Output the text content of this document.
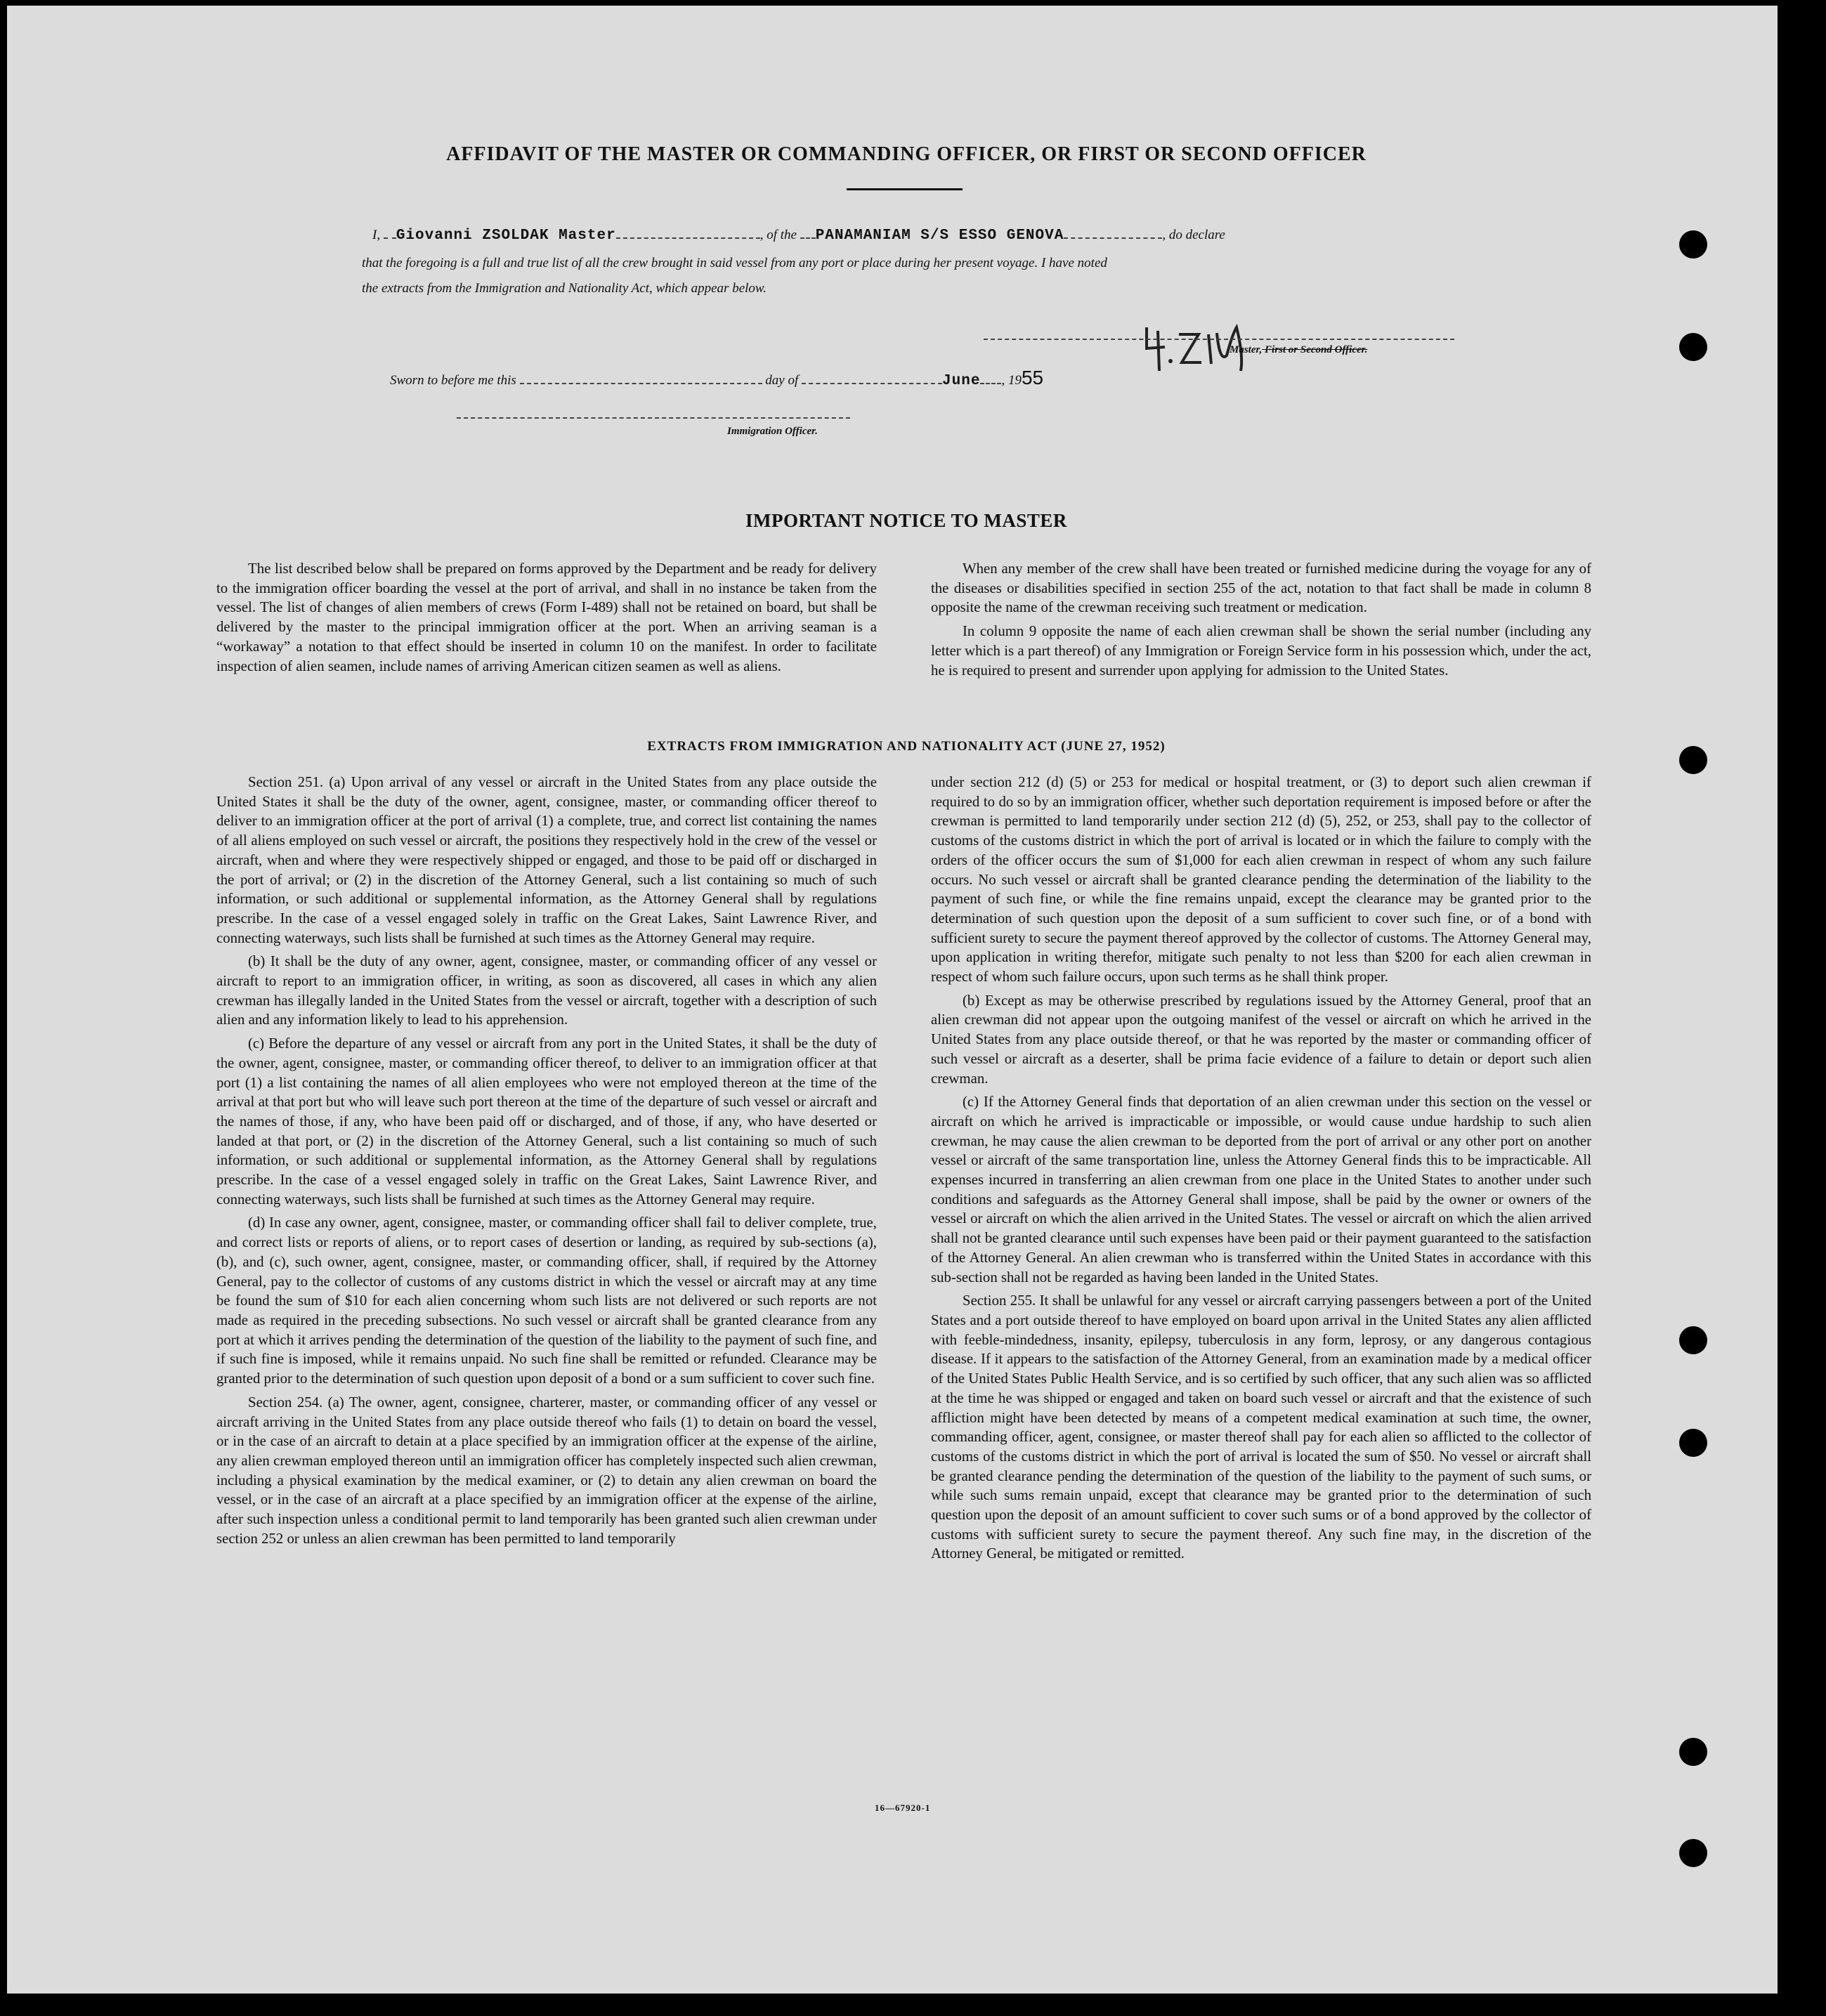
AFFIDAVIT OF THE MASTER OR COMMANDING OFFICER, OR FIRST OR SECOND OFFICER
I, Giovanni ZSOLDAK Master	, of the PANAMANIAM S/S ESSO GENOVA	, do declare
that the foregoing is a full and true list of all the crew brought in said vessel from any port or place during her present voyage. I have noted
the extracts from the Immigration and Nationality Act, which appear below.
Master, First or Second Officer.
Sworn to before me this	day of	June , 1955
Immigration Officer.
IMPORTANT NOTICE TO MASTER

The list described below shall be prepared on forms approved by the Department and be ready for delivery to the immigration officer boarding the vessel at the port of arrival, and shall in no instance be taken from the vessel. The list of changes of alien members of crews (Form I-489) shall not be retained on board, but shall be delivered by the master to the principal immigration officer at the port. When an arriving seaman is a “workaway” a notation to that effect should be inserted in column 10 on the manifest. In order to facilitate inspection of alien seamen, include names of arriving American citizen seamen as well as aliens.

When any member of the crew shall have been treated or furnished medicine during the voyage for any of the diseases or disabilities specified in section 255 of the act, notation to that fact shall be made in column 8 opposite the name of the crewman receiving such treatment or medication.

In column 9 opposite the name of each alien crewman shall be shown the serial number (including any letter which is a part thereof) of any Immigration or Foreign Service form in his possession which, under the act, he is required to present and surrender upon applying for admission to the United States.

EXTRACTS FROM IMMIGRATION AND NATIONALITY ACT (JUNE 27, 1952)

Section 251. (a) Upon arrival of any vessel or aircraft in the United States from any place outside the United States it shall be the duty of the owner, agent, consignee, master, or commanding officer thereof to deliver to an immigration officer at the port of arrival (1) a complete, true, and correct list containing the names of all aliens employed on such vessel or aircraft, the positions they respectively hold in the crew of the vessel or aircraft, when and where they were respectively shipped or engaged, and those to be paid off or discharged in the port of arrival; or (2) in the discretion of the Attorney General, such a list containing so much of such information, or such additional or supplemental information, as the Attorney General shall by regulations prescribe. In the case of a vessel engaged solely in traffic on the Great Lakes, Saint Lawrence River, and connecting waterways, such lists shall be furnished at such times as the Attorney General may require.

(b) It shall be the duty of any owner, agent, consignee, master, or commanding officer of any vessel or aircraft to report to an immigration officer, in writing, as soon as discovered, all cases in which any alien crewman has illegally landed in the United States from the vessel or aircraft, together with a description of such alien and any information likely to lead to his apprehension.

(c) Before the departure of any vessel or aircraft from any port in the United States, it shall be the duty of the owner, agent, consignee, master, or commanding officer thereof, to deliver to an immigration officer at that port (1) a list containing the names of all alien employees who were not employed thereon at the time of the arrival at that port but who will leave such port thereon at the time of the departure of such vessel or aircraft and the names of those, if any, who have been paid off or discharged, and of those, if any, who have deserted or landed at that port, or (2) in the discretion of the Attorney General, such a list containing so much of such information, or such additional or supplemental information, as the Attorney General shall by regulations prescribe. In the case of a vessel engaged solely in traffic on the Great Lakes, Saint Lawrence River, and connecting waterways, such lists shall be furnished at such times as the Attorney General may require.

(d) In case any owner, agent, consignee, master, or commanding officer shall fail to deliver complete, true, and correct lists or reports of aliens, or to report cases of desertion or landing, as required by sub-sections (a), (b), and (c), such owner, agent, consignee, master, or commanding officer, shall, if required by the Attorney General, pay to the collector of customs of any customs district in which the vessel or aircraft may at any time be found the sum of $10 for each alien concerning whom such lists are not delivered or such reports are not made as required in the preceding subsections. No such vessel or aircraft shall be granted clearance from any port at which it arrives pending the determination of the question of the liability to the payment of such fine, and if such fine is imposed, while it remains unpaid. No such fine shall be remitted or refunded. Clearance may be granted prior to the determination of such question upon deposit of a bond or a sum sufficient to cover such fine.

Section 254. (a) The owner, agent, consignee, charterer, master, or commanding officer of any vessel or aircraft arriving in the United States from any place outside thereof who fails (1) to detain on board the vessel, or in the case of an aircraft to detain at a place specified by an immigration officer at the expense of the airline, any alien crewman employed thereon until an immigration officer has completely inspected such alien crewman, including a physical examination by the medical examiner, or (2) to detain any alien crewman on board the vessel, or in the case of an aircraft at a place specified by an immigration officer at the expense of the airline, after such inspection unless a conditional permit to land temporarily has been granted such alien crewman under section 252 or unless an alien crewman has been permitted to land temporarily

under section 212 (d) (5) or 253 for medical or hospital treatment, or (3) to deport such alien crewman if required to do so by an immigration officer, whether such deportation requirement is imposed before or after the crewman is permitted to land temporarily under section 212 (d) (5), 252, or 253, shall pay to the collector of customs of the customs district in which the port of arrival is located or in which the failure to comply with the orders of the officer occurs the sum of $1,000 for each alien crewman in respect of whom any such failure occurs. No such vessel or aircraft shall be granted clearance pending the determination of the liability to the payment of such fine, or while the fine remains unpaid, except the clearance may be granted prior to the determination of such question upon the deposit of a sum sufficient to cover such fine, or of a bond with sufficient surety to secure the payment thereof approved by the collector of customs. The Attorney General may, upon application in writing therefor, mitigate such penalty to not less than $200 for each alien crewman in respect of whom such failure occurs, upon such terms as he shall think proper.

(b) Except as may be otherwise prescribed by regulations issued by the Attorney General, proof that an alien crewman did not appear upon the outgoing manifest of the vessel or aircraft on which he arrived in the United States from any place outside thereof, or that he was reported by the master or commanding officer of such vessel or aircraft as a deserter, shall be prima facie evidence of a failure to detain or deport such alien crewman.

(c) If the Attorney General finds that deportation of an alien crewman under this section on the vessel or aircraft on which he arrived is impracticable or impossible, or would cause undue hardship to such alien crewman, he may cause the alien crewman to be deported from the port of arrival or any other port on another vessel or aircraft of the same transportation line, unless the Attorney General finds this to be impracticable. All expenses incurred in transferring an alien crewman from one place in the United States to another under such conditions and safeguards as the Attorney General shall impose, shall be paid by the owner or owners of the vessel or aircraft on which the alien arrived in the United States. The vessel or aircraft on which the alien arrived shall not be granted clearance until such expenses have been paid or their payment guaranteed to the satisfaction of the Attorney General. An alien crewman who is transferred within the United States in accordance with this sub-section shall not be regarded as having been landed in the United States.

Section 255. It shall be unlawful for any vessel or aircraft carrying passengers between a port of the United States and a port outside thereof to have employed on board upon arrival in the United States any alien afflicted with feeble-mindedness, insanity, epilepsy, tuberculosis in any form, leprosy, or any dangerous contagious disease. If it appears to the satisfaction of the Attorney General, from an examination made by a medical officer of the United States Public Health Service, and is so certified by such officer, that any such alien was so afflicted at the time he was shipped or engaged and taken on board such vessel or aircraft and that the existence of such affliction might have been detected by means of a competent medical examination at such time, the owner, commanding officer, agent, consignee, or master thereof shall pay for each alien so afflicted to the collector of customs of the customs district in which the port of arrival is located the sum of $50. No vessel or aircraft shall be granted clearance pending the determination of the question of the liability to the payment of such sums, or while such sums remain unpaid, except that clearance may be granted prior to the determination of such question upon the deposit of an amount sufficient to cover such sums or of a bond approved by the collector of customs with sufficient surety to secure the payment thereof. Any such fine may, in the discretion of the Attorney General, be mitigated or remitted.

16—67920-1
